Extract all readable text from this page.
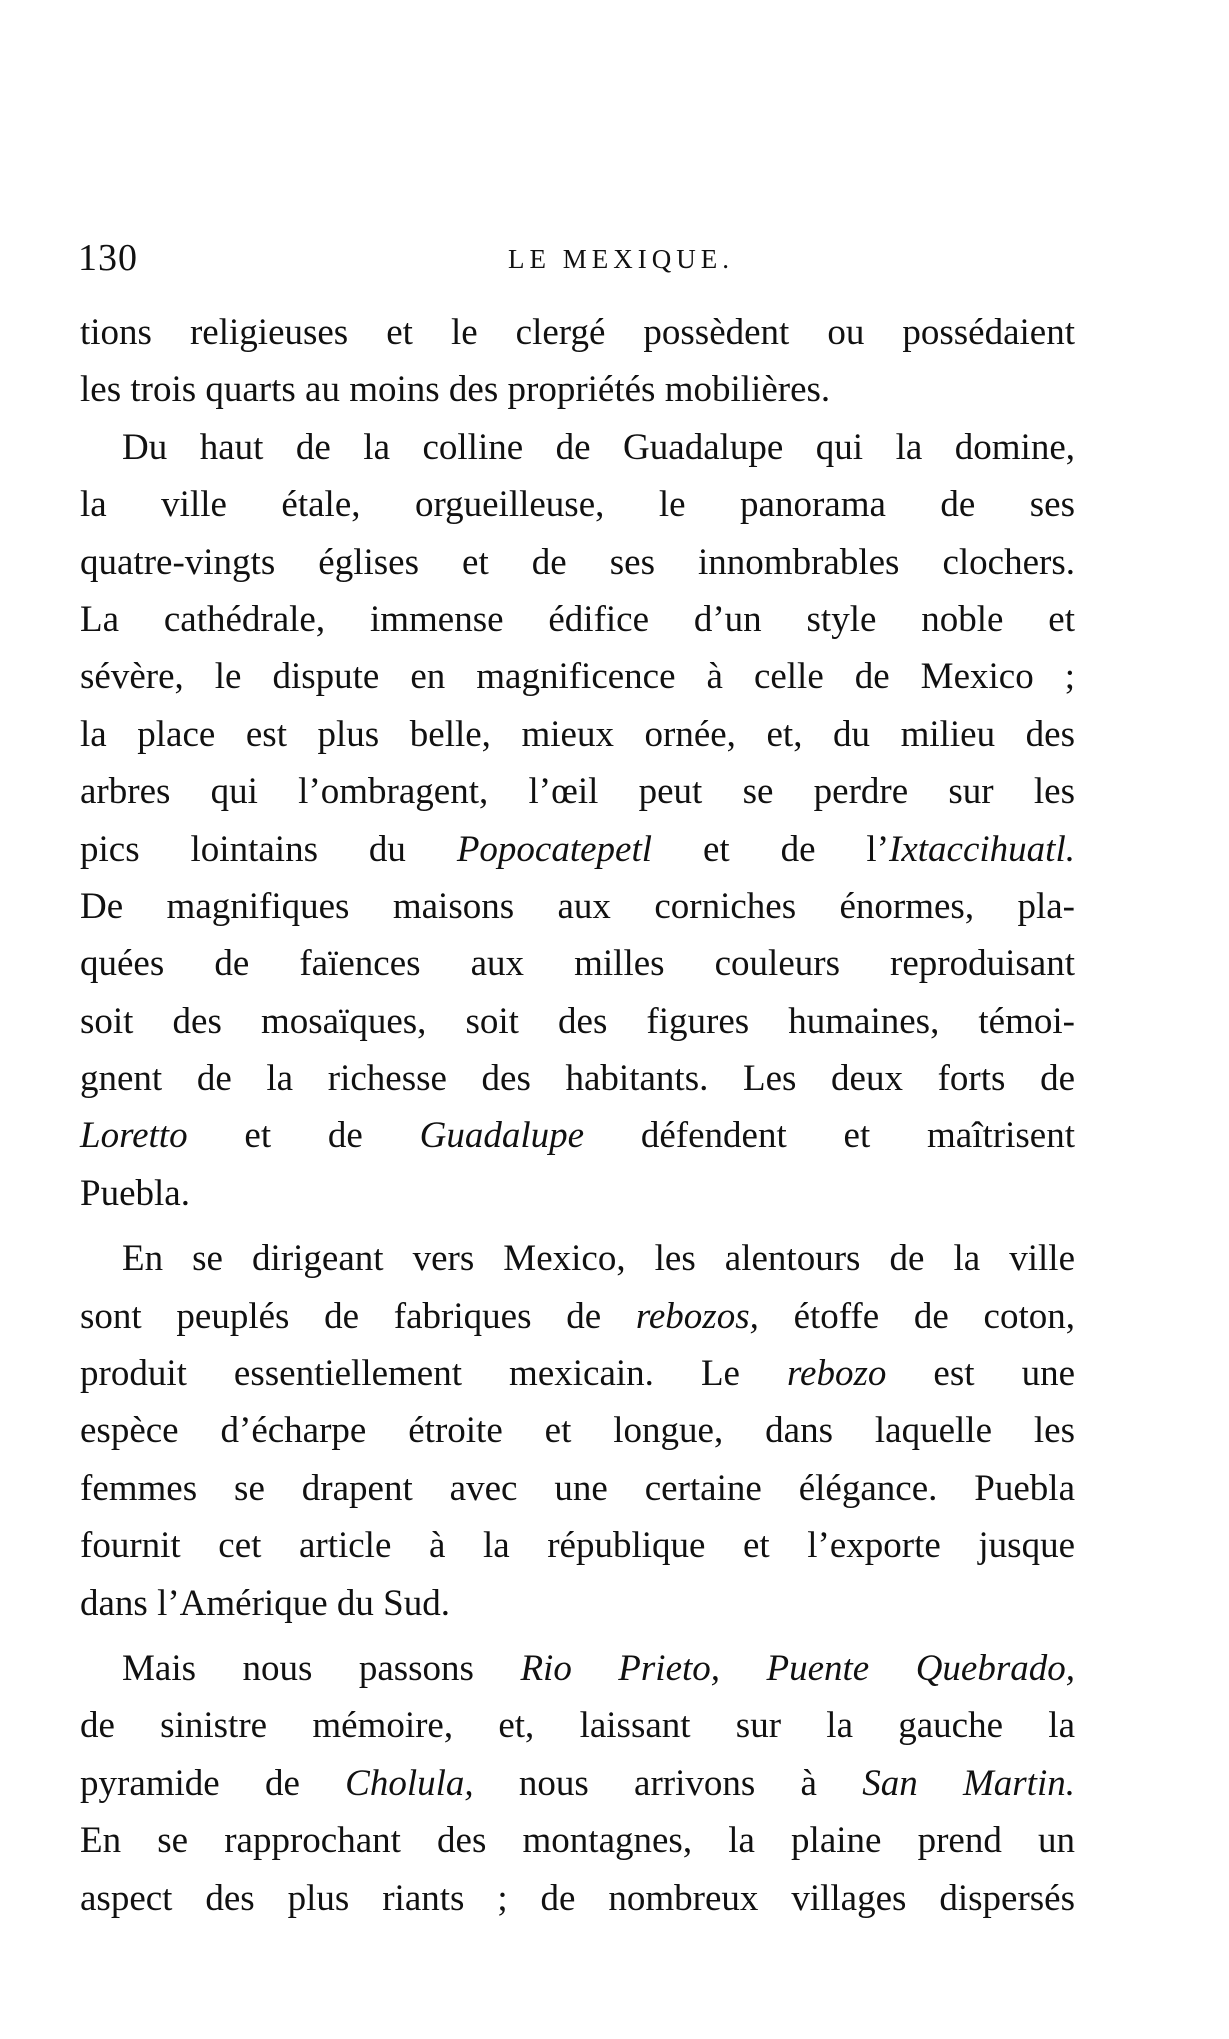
130	LE MEXIQUE.
tions religieuses et le clergé possèdent ou possédaient
les trois quarts au moins des propriétés mobilières.
Du haut de la colline de Guadalupe qui la domine,
la ville étale, orgueilleuse, le panorama de ses
quatre-vingts églises et de ses innombrables clochers.
La cathédrale, immense édifice d’un style noble et
sévère, le dispute en magnificence à celle de Mexico ;
la place est plus belle, mieux ornée, et, du milieu des
arbres qui l’ombragent, l’œil peut se perdre sur les
pics lointains du Popocatepetl et de l’Ixtaccihuatl.
De magnifiques maisons aux corniches énormes, pla-
quées de faïences aux milles couleurs reproduisant
soit des mosaïques, soit des figures humaines, témoi-
gnent de la richesse des habitants. Les deux forts de
Loretto et de Guadalupe défendent et maîtrisent
Puebla.
En se dirigeant vers Mexico, les alentours de la ville
sont peuplés de fabriques de rebozos, étoffe de coton,
produit essentiellement mexicain. Le rebozo est une
espèce d’écharpe étroite et longue, dans laquelle les
femmes se drapent avec une certaine élégance. Puebla
fournit cet article à la république et l’exporte jusque
dans l’Amérique du Sud.
Mais nous passons Rio Prieto, Puente Quebrado,
de sinistre mémoire, et, laissant sur la gauche la
pyramide de Cholula, nous arrivons à San Martin.
En se rapprochant des montagnes, la plaine prend un
aspect des plus riants ; de nombreux villages dispersés
